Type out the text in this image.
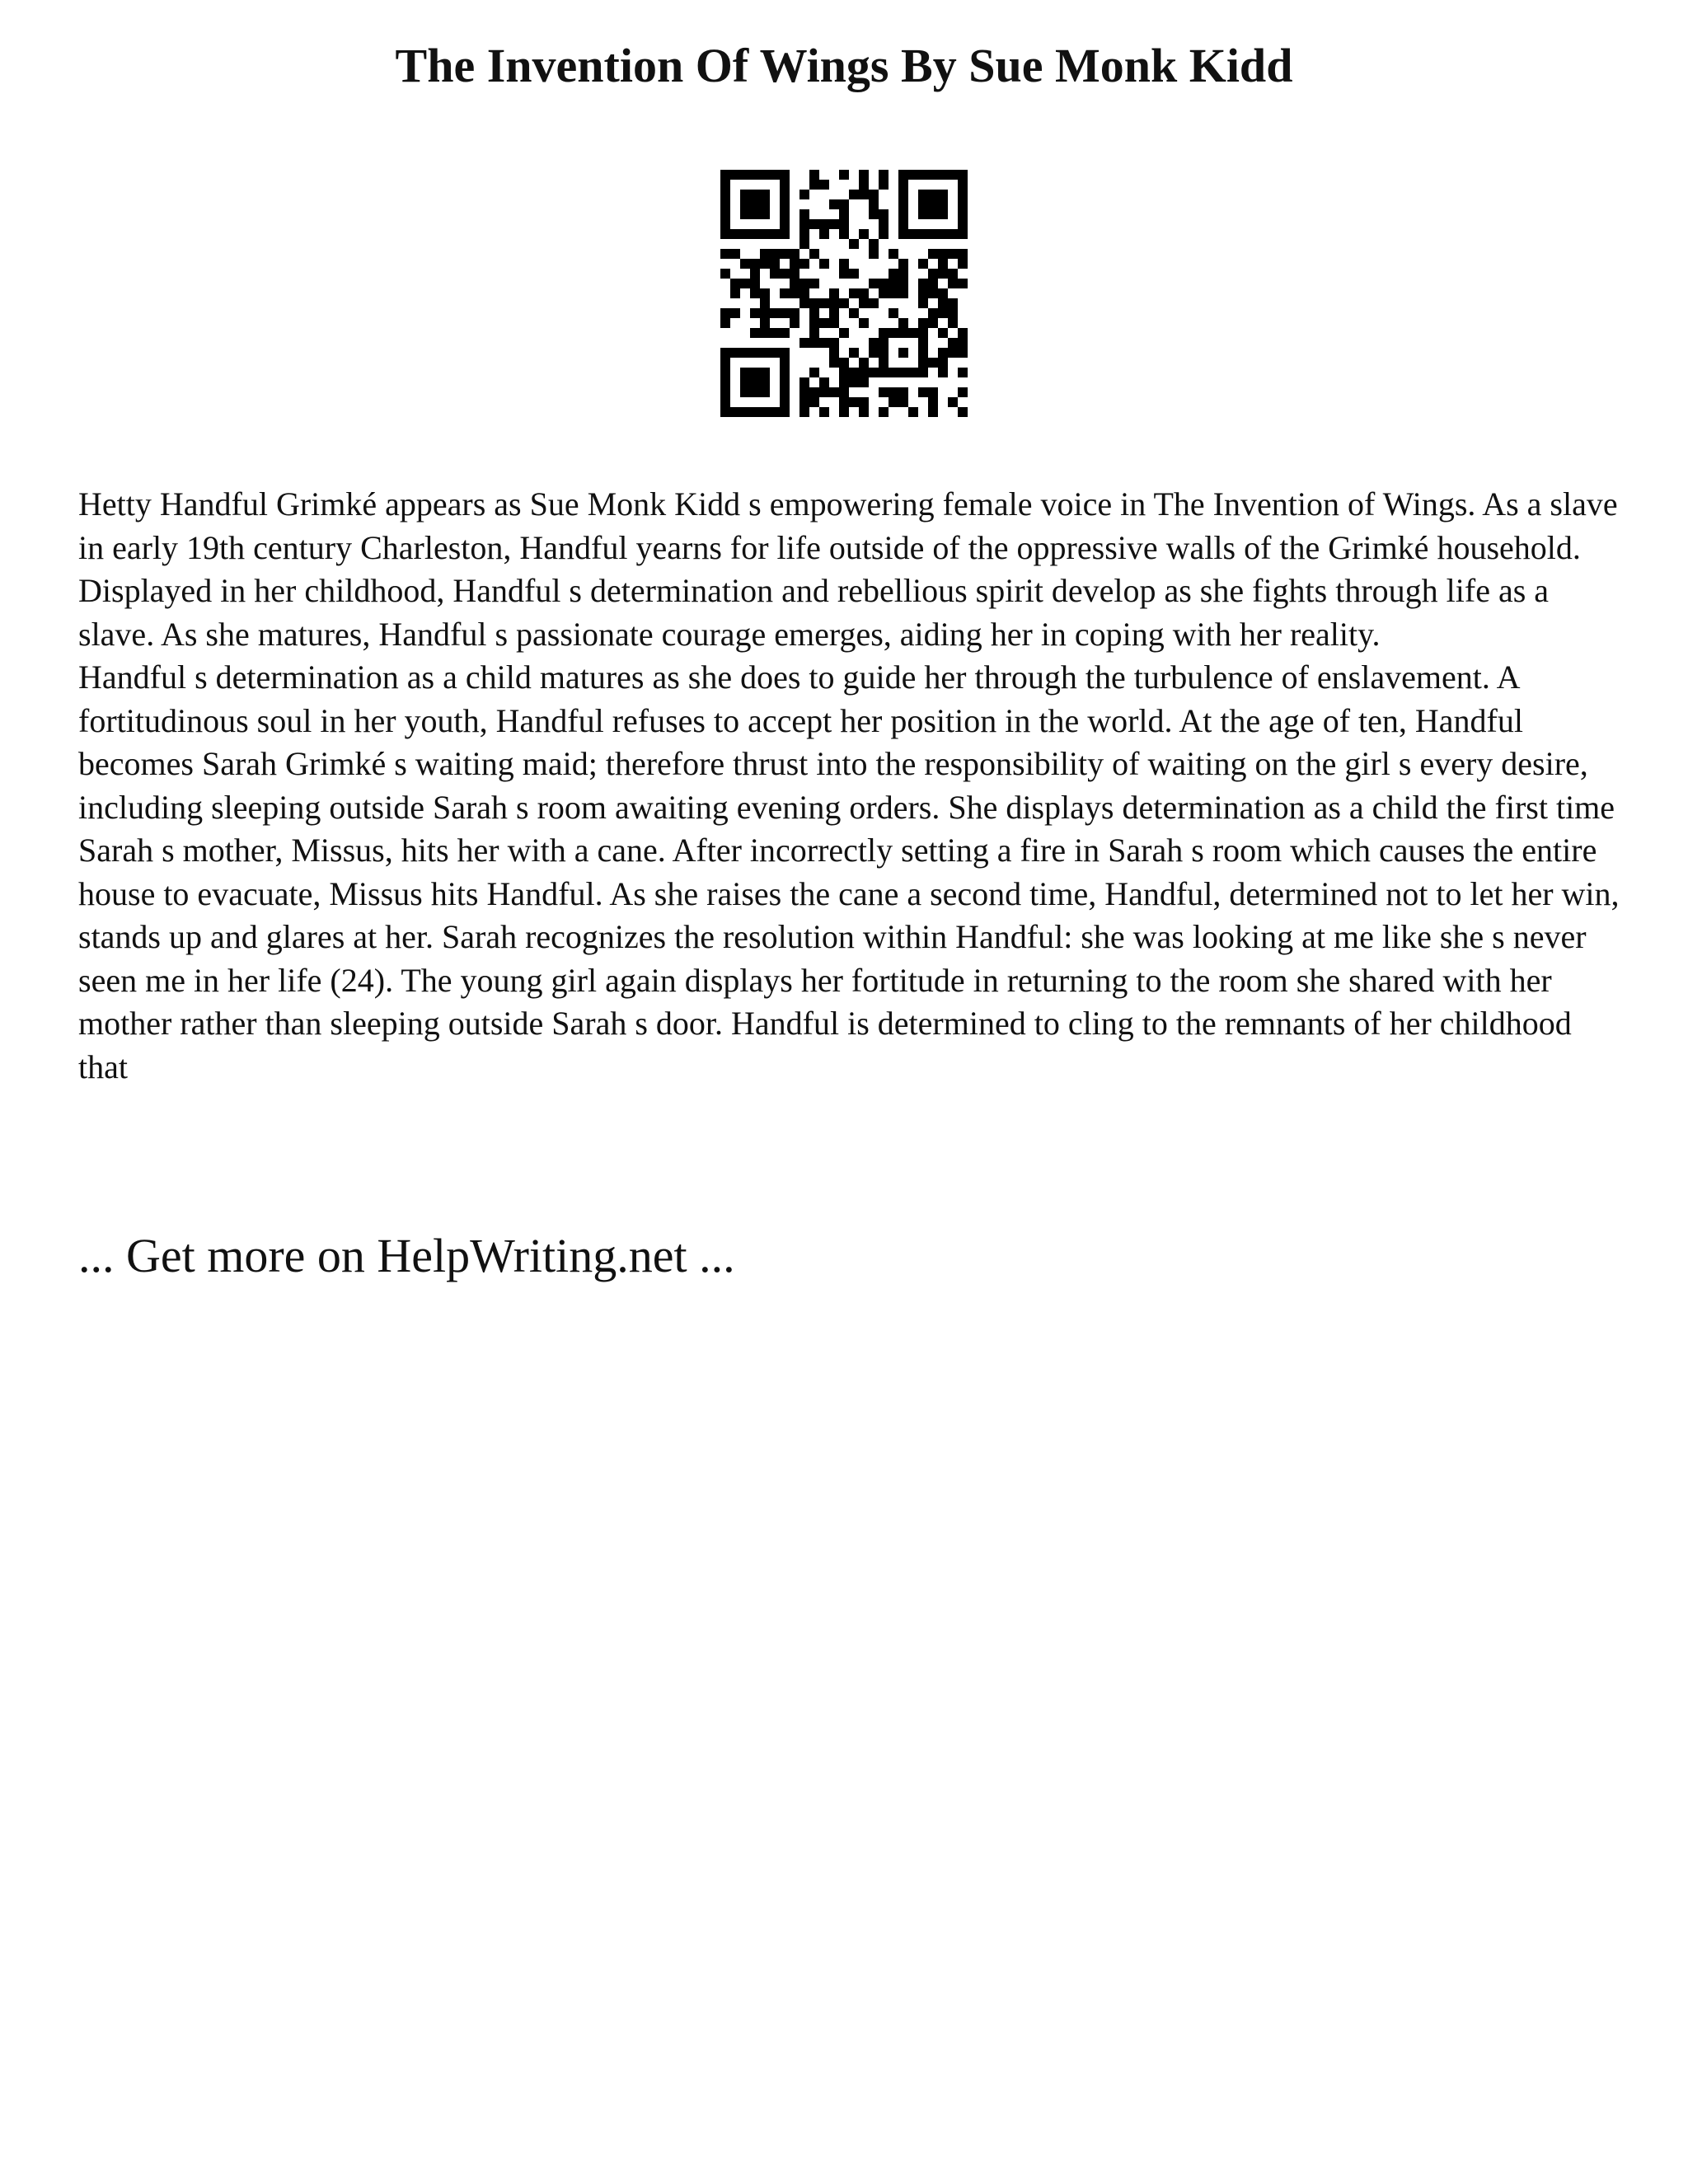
The Invention Of Wings By Sue Monk Kidd

Hetty Handful Grimké appears as Sue Monk Kidd s empowering female voice in The Invention of Wings. As a slave in early 19th century Charleston, Handful yearns for life outside of the oppressive walls of the Grimké household. Displayed in her childhood, Handful s determination and rebellious spirit develop as she fights through life as a slave. As she matures, Handful s passionate courage emerges, aiding her in coping with her reality.

Handful s determination as a child matures as she does to guide her through the turbulence of enslavement. A fortitudinous soul in her youth, Handful refuses to accept her position in the world. At the age of ten, Handful becomes Sarah Grimké s waiting maid; therefore thrust into the responsibility of waiting on the girl s every desire, including sleeping outside Sarah s room awaiting evening orders. She displays determination as a child the first time Sarah s mother, Missus, hits her with a cane. After incorrectly setting a fire in Sarah s room which causes the entire house to evacuate, Missus hits Handful. As she raises the cane a second time, Handful, determined not to let her win, stands up and glares at her. Sarah recognizes the resolution within Handful: she was looking at me like she s never seen me in her life (24). The young girl again displays her fortitude in returning to the room she shared with her mother rather than sleeping outside Sarah s door. Handful is determined to cling to the remnants of her childhood that

... Get more on HelpWriting.net ...
